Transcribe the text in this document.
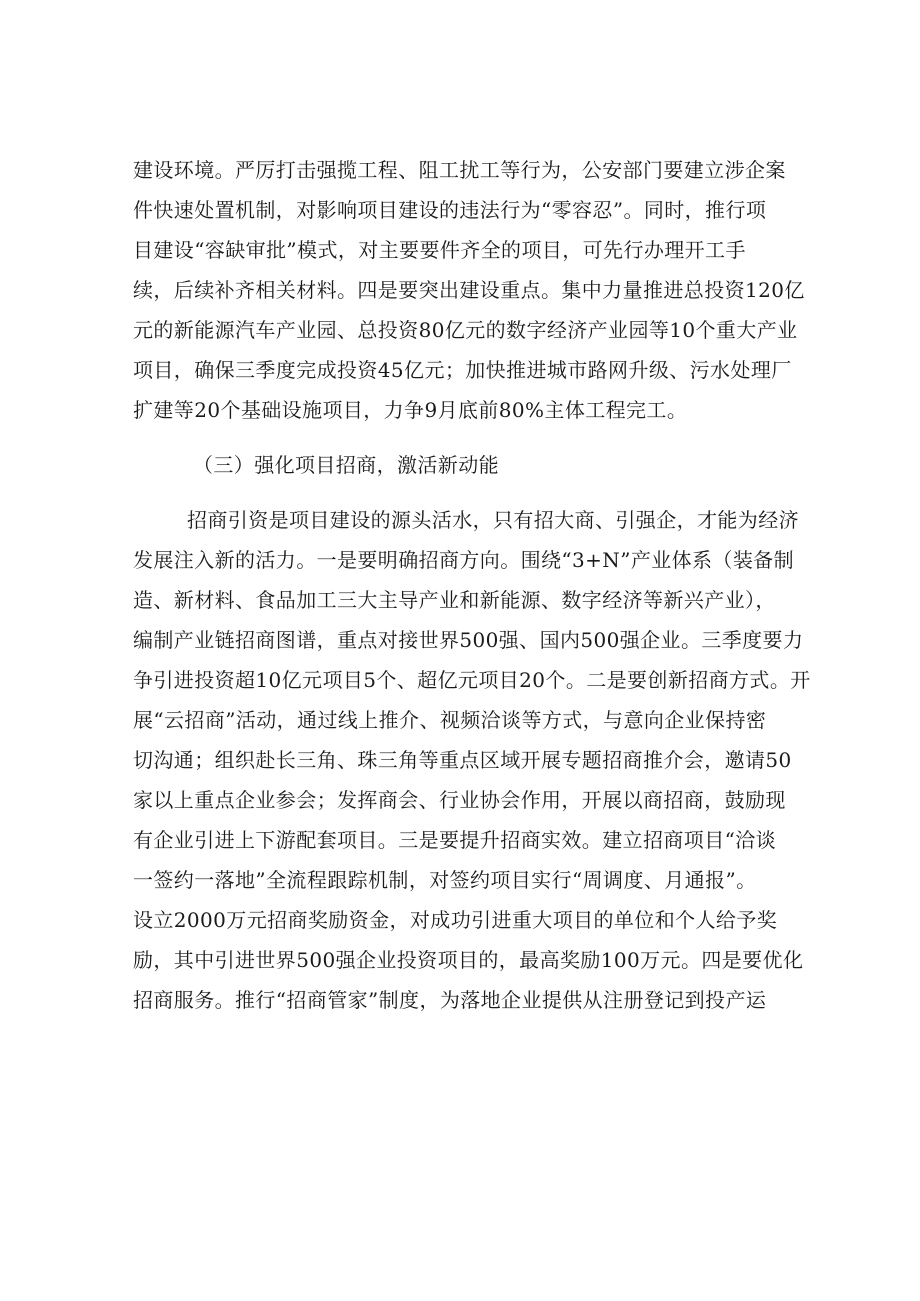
建设环境。严厉打击强揽工程、阻工扰工等行为，公安部门要建立涉企案
件快速处置机制，对影响项目建设的违法行为“零容忍”。同时，推行项
目建设“容缺审批”模式，对主要要件齐全的项目，可先行办理开工手
续，后续补齐相关材料。四是要突出建设重点。集中力量推进总投资120亿
元的新能源汽车产业园、总投资80亿元的数字经济产业园等10个重大产业
项目，确保三季度完成投资45亿元；加快推进城市路网升级、污水处理厂
扩建等20个基础设施项目，力争9月底前80%主体工程完工。
（三）强化项目招商，激活新动能
招商引资是项目建设的源头活水，只有招大商、引强企，才能为经济
发展注入新的活力。一是要明确招商方向。围绕“3+N”产业体系（装备制
造、新材料、食品加工三大主导产业和新能源、数字经济等新兴产业），
编制产业链招商图谱，重点对接世界500强、国内500强企业。三季度要力
争引进投资超10亿元项目5个、超亿元项目20个。二是要创新招商方式。开
展“云招商”活动，通过线上推介、视频洽谈等方式，与意向企业保持密
切沟通；组织赴长三角、珠三角等重点区域开展专题招商推介会，邀请50
家以上重点企业参会；发挥商会、行业协会作用，开展以商招商，鼓励现
有企业引进上下游配套项目。三是要提升招商实效。建立招商项目“洽谈
一签约一落地”全流程跟踪机制，对签约项目实行“周调度、月通报”。
设立2000万元招商奖励资金，对成功引进重大项目的单位和个人给予奖
励，其中引进世界500强企业投资项目的，最高奖励100万元。四是要优化
招商服务。推行“招商管家”制度，为落地企业提供从注册登记到投产运
